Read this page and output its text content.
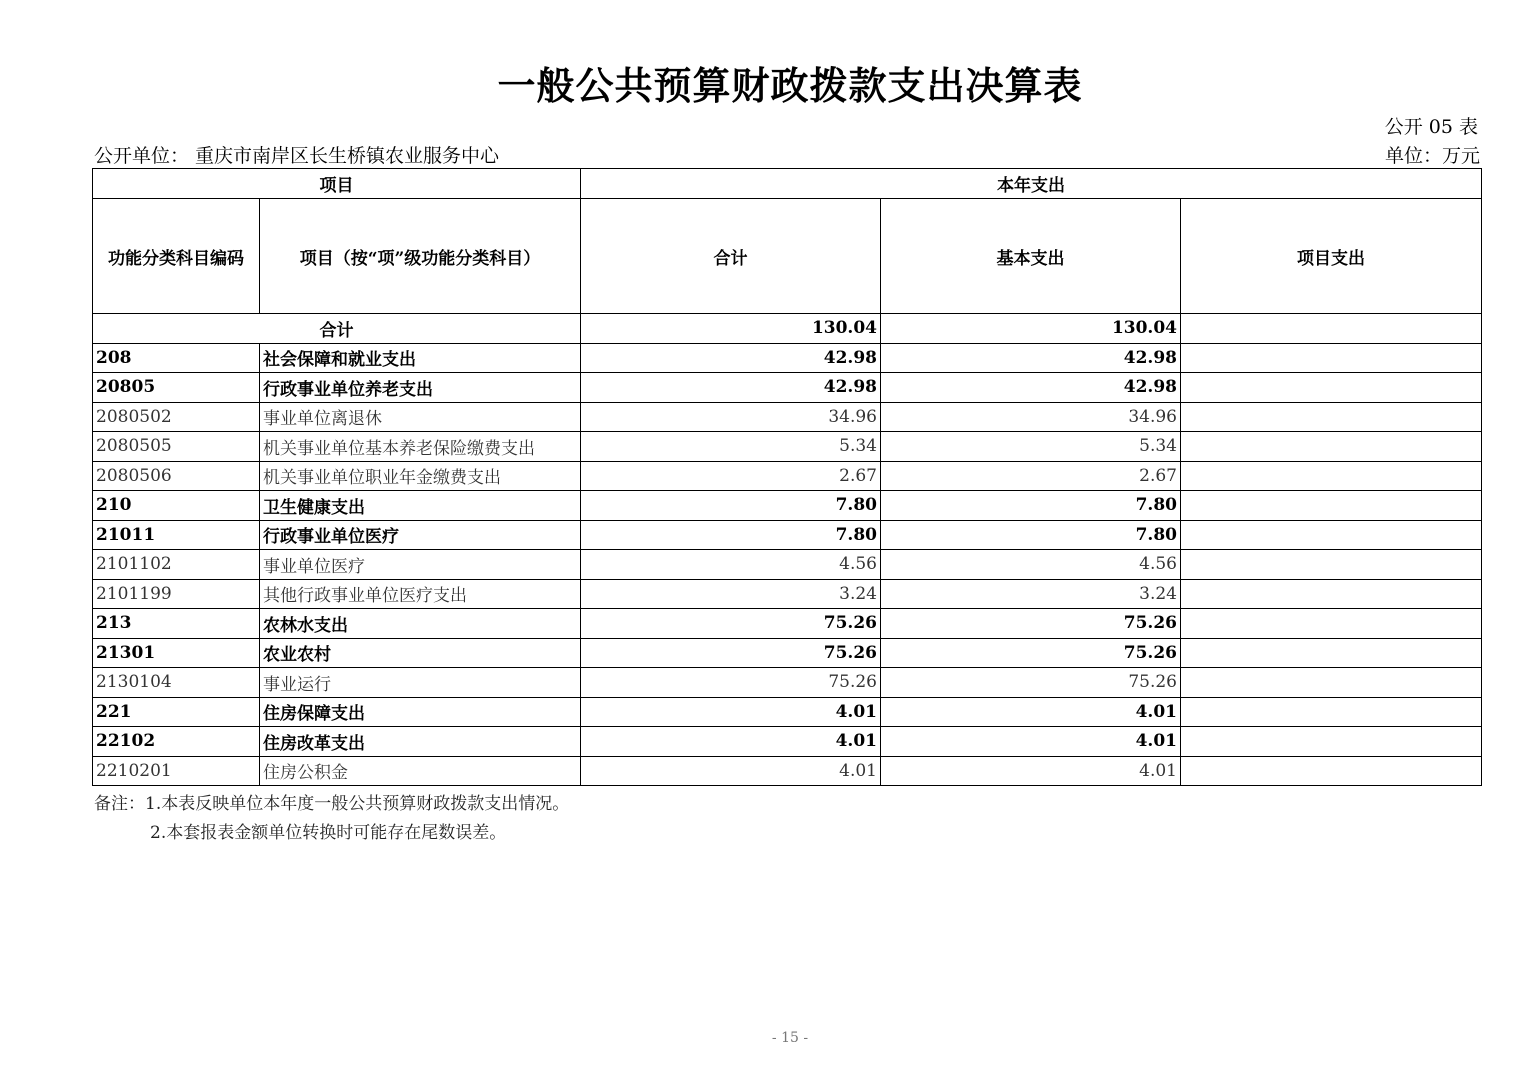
一般公共预算财政拨款支出决算表
公开 05 表
公开单位： 重庆市南岸区长生桥镇农业服务中心	单位：万元
项目		本年支出		
功能分类科目编码	项目（按“项”级功能分类科目）	合计	基本支出	项目支出
合计		130.04	130.04	
208	社会保障和就业支出	42.98	42.98	
20805	行政事业单位养老支出	42.98	42.98	
2080502	事业单位离退休	34.96	34.96	
2080505	机关事业单位基本养老保险缴费支出	5.34	5.34	
2080506	机关事业单位职业年金缴费支出	2.67	2.67	
210	卫生健康支出	7.80	7.80	
21011	行政事业单位医疗	7.80	7.80	
2101102	事业单位医疗	4.56	4.56	
2101199	其他行政事业单位医疗支出	3.24	3.24	
213	农林水支出	75.26	75.26	
21301	农业农村	75.26	75.26	
2130104	事业运行	75.26	75.26	
221	住房保障支出	4.01	4.01	
22102	住房改革支出	4.01	4.01	
2210201	住房公积金	4.01	4.01	
备注：1.本表反映单位本年度一般公共预算财政拨款支出情况。
2.本套报表金额单位转换时可能存在尾数误差。
- 15 -
